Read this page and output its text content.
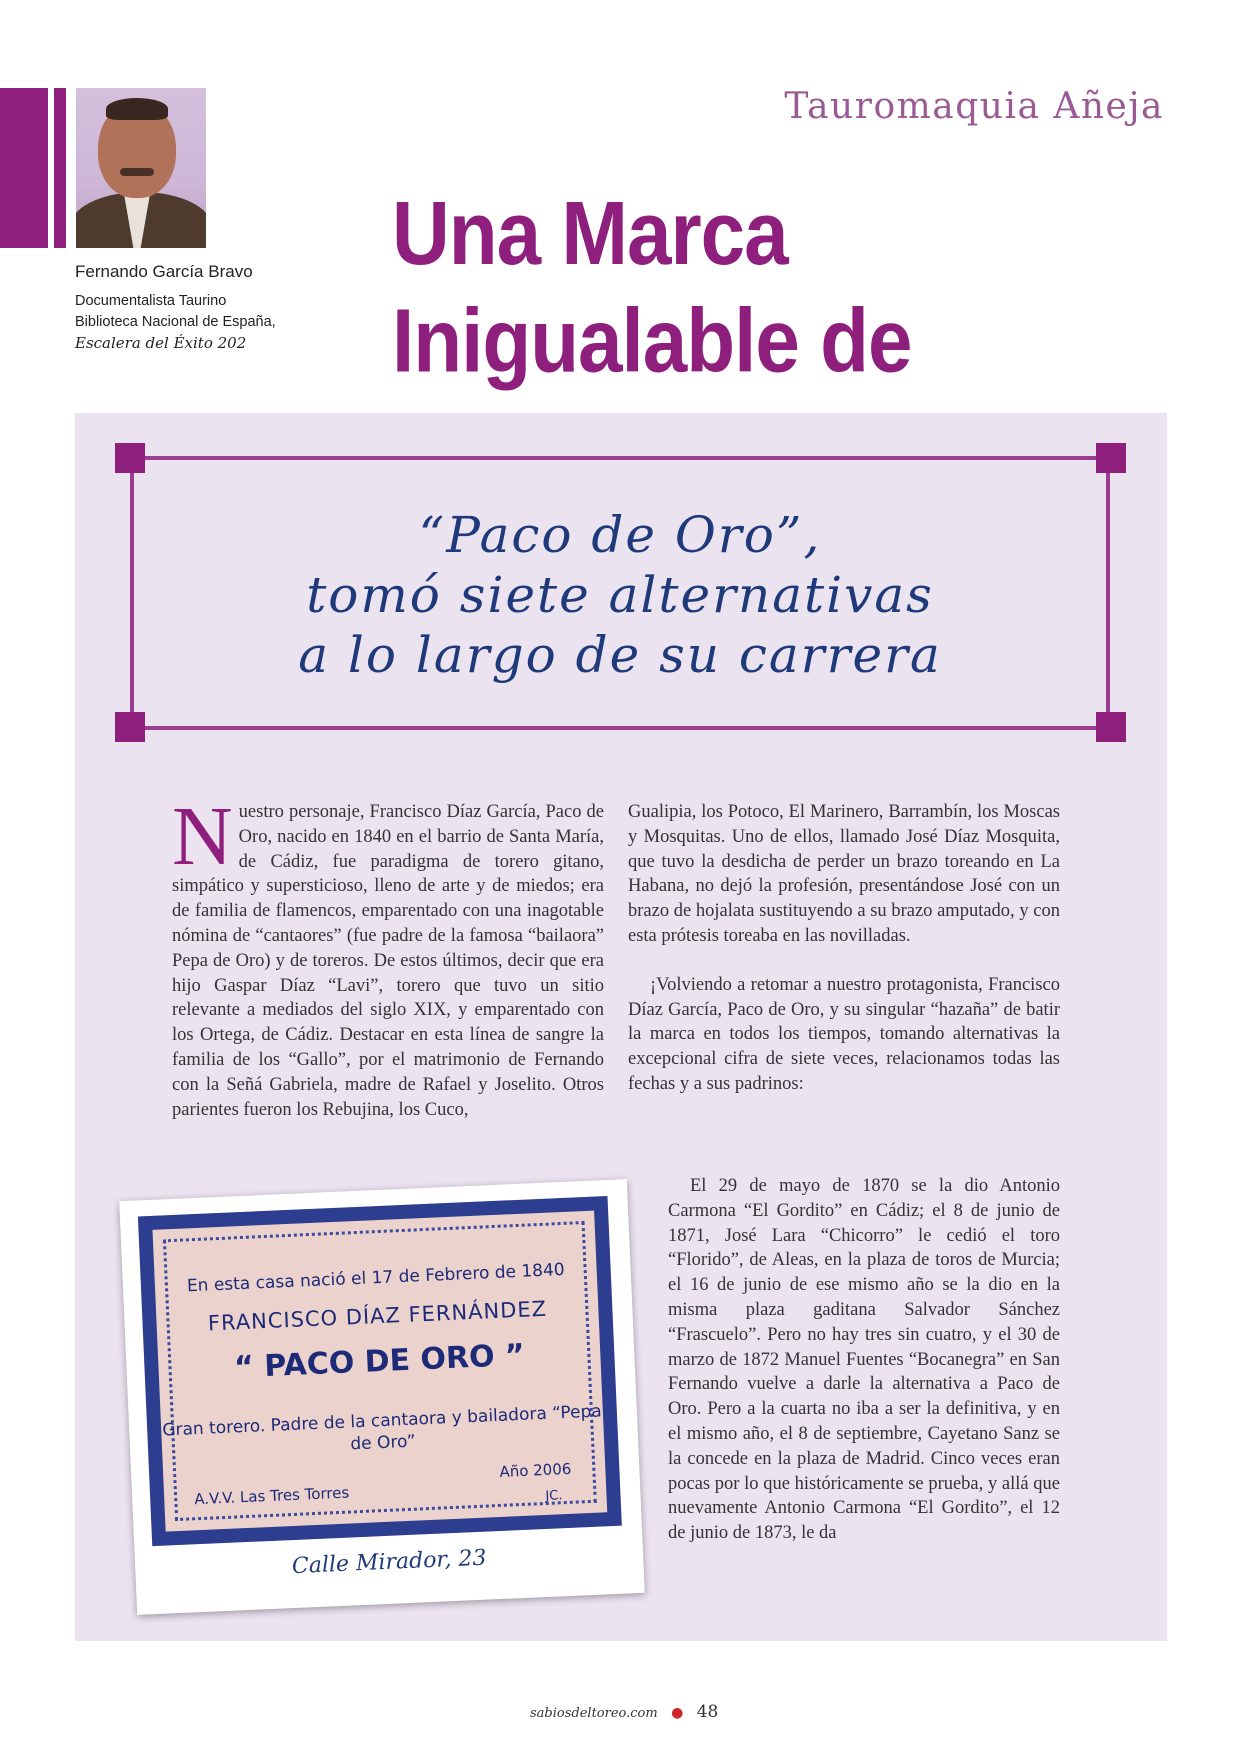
Fernando García Bravo
Documentalista Taurino
Biblioteca Nacional de España,
Escalera del Éxito 202
Tauromaquia Añeja
Una Marca Inigualable de
“Paco de Oro”,
tomó siete alternativas
a lo largo de su carrera
N uestro personaje, Francisco Díaz García, Paco de Oro, nacido en 1840 en el barrio de Santa María, de Cádiz, fue paradigma de torero gitano, simpático y supersticioso, lleno de arte y de miedos; era de familia de flamencos, emparentado con una inagotable nómina de “cantaores” (fue padre de la famosa “bailaora” Pepa de Oro) y de toreros. De estos últimos, decir que era hijo Gaspar Díaz “Lavi”, torero que tuvo un sitio relevante a mediados del siglo XIX, y emparentado con los Ortega, de Cádiz. Destacar en esta línea de sangre la familia de los “Gallo”, por el matrimonio de Fernando con la Señá Gabriela, madre de Rafael y Joselito. Otros parientes fueron los Rebujina, los Cuco,

Gualipia, los Potoco, El Marinero, Barrambín, los Moscas y Mosquitas. Uno de ellos, llamado José Díaz Mosquita, que tuvo la desdicha de perder un brazo toreando en La Habana, no dejó la profesión, presentándose José con un brazo de hojalata sustituyendo a su brazo amputado, y con esta prótesis toreaba en las novilladas.

¡Volviendo a retomar a nuestro protagonista, Francisco Díaz García, Paco de Oro, y su singular “hazaña” de batir la marca en todos los tiempos, tomando alternativas la excepcional cifra de siete veces, relacionamos todas las fechas y a sus padrinos:

El 29 de mayo de 1870 se la dio Antonio Carmona “El Gordito” en Cádiz; el 8 de junio de 1871, José Lara “Chicorro” le cedió el toro “Florido”, de Aleas, en la plaza de toros de Murcia; el 16 de junio de ese mismo año se la dio en la misma plaza gaditana Salvador Sánchez “Frascuelo”. Pero no hay tres sin cuatro, y el 30 de marzo de 1872 Manuel Fuentes “Bocanegra” en San Fernando vuelve a darle la alternativa a Paco de Oro. Pero a la cuarta no iba a ser la definitiva, y en el mismo año, el 8 de septiembre, Cayetano Sanz se la concede en la plaza de Madrid. Cinco veces eran pocas por lo que históricamente se prueba, y allá que nuevamente Antonio Carmona “El Gordito”, el 12 de junio de 1873, le da
En esta casa nació el 17 de Febrero de 1840
FRANCISCO DÍAZ FERNÁNDEZ
“ PACO DE ORO ”
Gran torero. Padre de la cantaora y bailadora “Pepa de Oro”
A.V.V. Las Tres Torres
Año 2006
JC.
Calle Mirador, 23
sabiosdeltoreo.com ● 48
